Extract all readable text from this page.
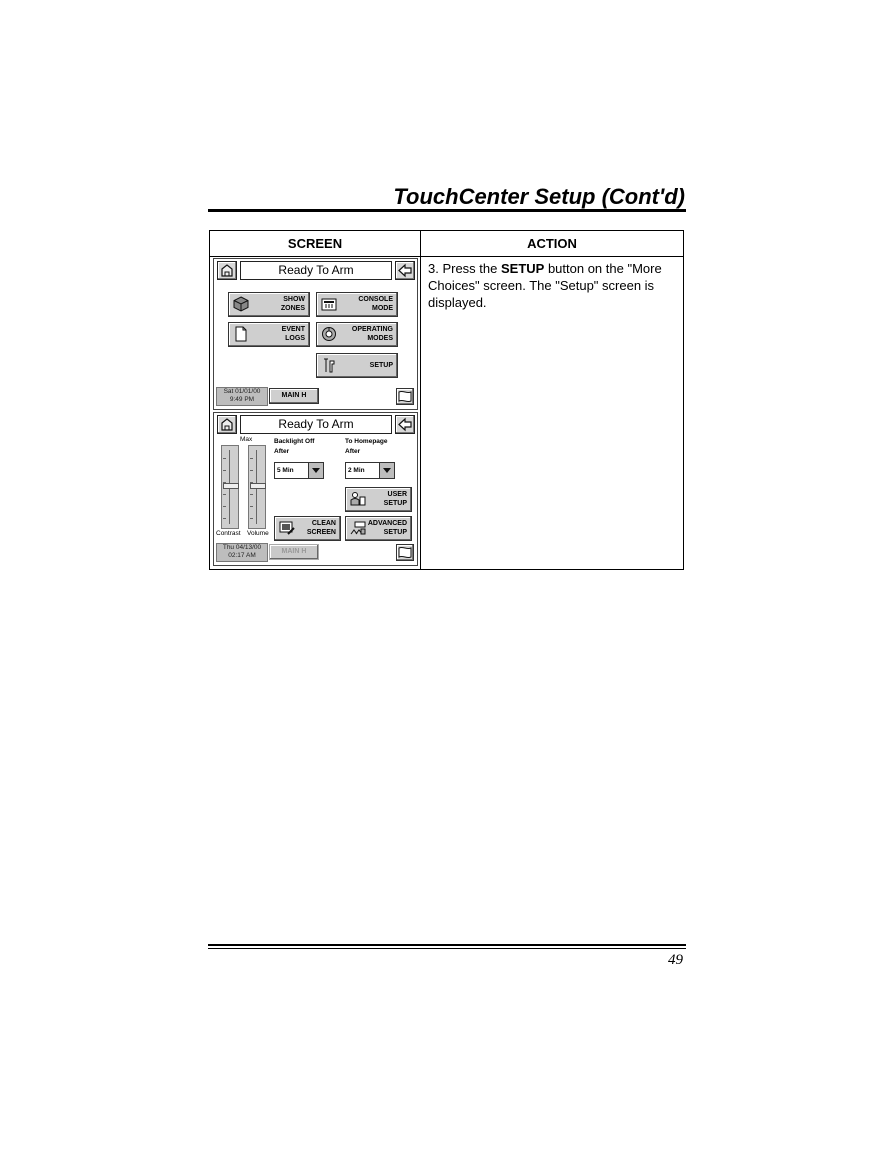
TouchCenter Setup (Cont'd)
SCREEN	ACTION
3. Press the SETUP button on the "More Choices" screen. The "Setup" screen is displayed.
Ready To Arm
SHOW
ZONES
CONSOLE
MODE
EVENT
LOGS
OPERATING
MODES
SETUP
Sat 01/01/00
9:49 PM
MAIN H
Ready To Arm
Max
Contrast Volume
Backlight Off
After
5 Min
To Homepage
After
2 Min
USER
SETUP
CLEAN
SCREEN
ADVANCED
SETUP
Thu 04/13/00
02:17 AM
MAIN H
49
